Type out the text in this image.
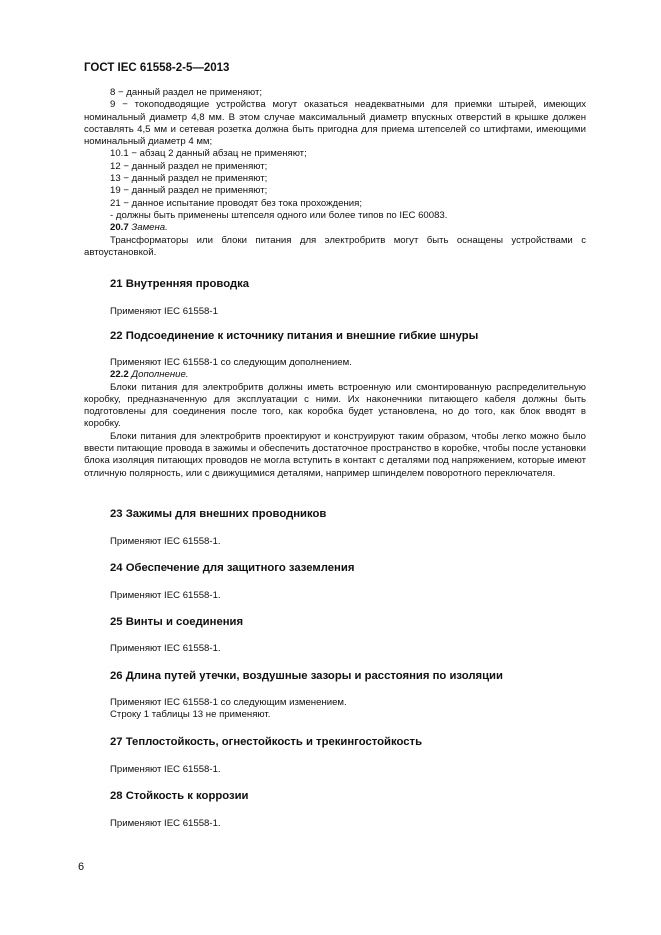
ГОСТ IEC 61558-2-5—2013

8 − данный раздел не применяют;

9 − токоподводящие устройства могут оказаться неадекватными для приемки штырей, имеющих номинальный диаметр 4,8 мм. В этом случае максимальный диаметр впускных отверстий в крышке должен составлять 4,5 мм и сетевая розетка должна быть пригодна для приема штепселей со штифтами, имеющими номинальный диаметр 4 мм;

10.1 − абзац 2 данный абзац не применяют;

12 − данный раздел не применяют;

13 − данный раздел не применяют;

19 − данный раздел не применяют;

21 − данное испытание проводят без тока прохождения;

- должны быть применены штепселя одного или более типов по IEC 60083.

20.7 Замена.

Трансформаторы или блоки питания для электробритв могут быть оснащены устройствами с автоустановкой.

21 Внутренняя проводка

Применяют IEC 61558-1

22 Подсоединение к источнику питания и внешние гибкие шнуры

Применяют IEC 61558-1 со следующим дополнением.

22.2 Дополнение.

Блоки питания для электробритв должны иметь встроенную или смонтированную распределительную коробку, предназначенную для эксплуатации с ними. Их наконечники питающего кабеля должны быть подготовлены для соединения после того, как коробка будет установлена, но до того, как блок вводят в коробку.

Блоки питания для электробритв проектируют и конструируют таким образом, чтобы легко можно было ввести питающие провода в зажимы и обеспечить достаточное пространство в коробке, чтобы после установки блока изоляция питающих проводов не могла вступить в контакт с деталями под напряжением, которые имеют отличную полярность, или с движущимися деталями, например шпинделем поворотного переключателя.

23 Зажимы для внешних проводников

Применяют IEC 61558-1.

24 Обеспечение для защитного заземления

Применяют IEC 61558-1.

25 Винты и соединения

Применяют IEC 61558-1.

26 Длина путей утечки, воздушные зазоры и расстояния по изоляции

Применяют IEC 61558-1 со следующим изменением.

Строку 1 таблицы 13 не применяют.

27 Теплостойкость, огнестойкость и трекингостойкость

Применяют IEC 61558-1.

28 Стойкость к коррозии

Применяют IEC 61558-1.

6
